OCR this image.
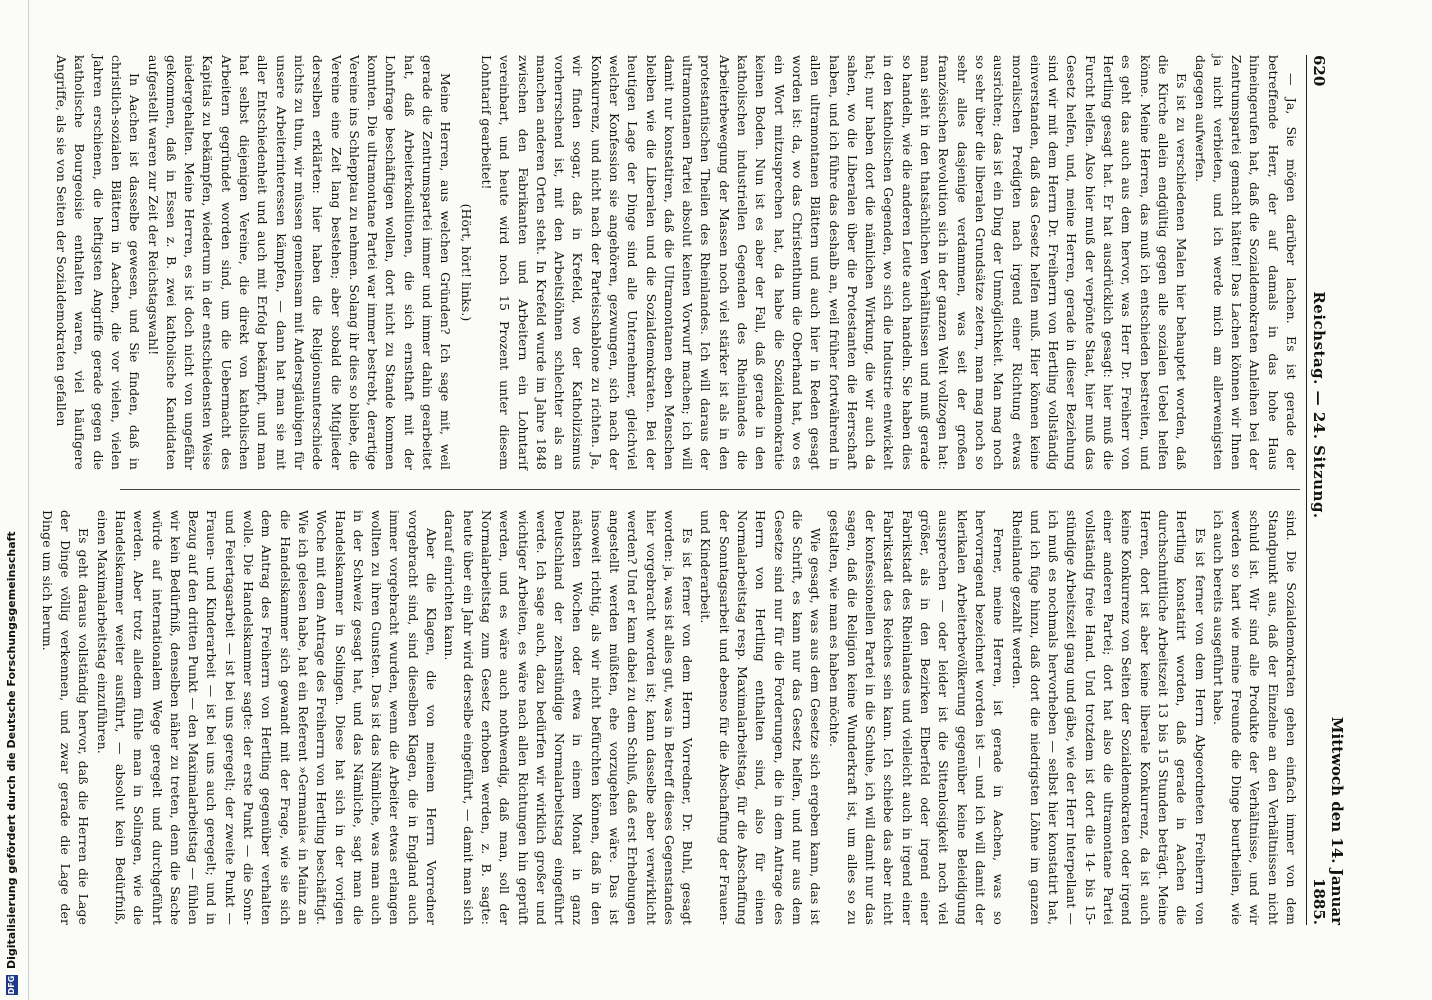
DFG
Digitalisierung gefördert durch die Deutsche Forschungsgemeinschaft
620
Reichstag. — 24. Sitzung.
Mittwoch den 14. Januar 1885.

— Ja, Sie mögen darüber lachen. Es ist gerade der betreffende Herr, der auf damals in das hohe Haus hineingerufen hat, daß die Sozialdemokraten Anleihen bei der Zentrumspartei gemacht hätten! Das Lachen können wir Ihnen ja nicht verbieten, und ich werde mich am allerwenigsten dagegen aufwerfen.

Es ist zu verschiedenen Malen hier behauptet worden, daß die Kirche allein endgültig gegen alle sozialen Uebel helfen könne. Meine Herren, das muß ich entschieden bestreiten, und es geht das auch aus dem hervor, was Herr Dr. Freiherr von Hertling gesagt hat. Er hat ausdrücklich gesagt: hier muß die Furcht helfen. Also hier muß der verpönte Staat, hier muß das Gesetz helfen, und, meine Herren, gerade in dieser Beziehung sind wir mit dem Herrn Dr. Freiherrn von Hertling vollständig einverstanden, daß das Gesetz helfen muß. Hier können keine moralischen Predigten nach irgend einer Richtung etwas ausrichten; das ist ein Ding der Unmöglichkeit. Man mag noch so sehr über die liberalen Grundsätze zetern, man mag noch so sehr alles dasjenige verdammen, was seit der großen französischen Revolution sich in der ganzen Welt vollzogen hat: man sieht in den thatsächlichen Verhältnissen und muß gerade so handeln, wie die anderen Leute auch handeln. Sie haben dies in den katholischen Gegenden, wo sich die Industrie entwickelt hat; nur haben dort die nämlichen Wirkung, die wir auch da sahen, wo die Liberalen über die Protestanten die Herrschaft haben, und ich führe das deshalb an, weil früher fortwährend in allen ultramontanen Blättern und auch hier in Reden gesagt worden ist: da, wo das Christenthum die Oberhand hat, wo es ein Wort mitzusprechen hat, da habe die Sozialdemokratie keinen Boden. Nun ist es aber der Fall, daß gerade in den katholischen industriellen Gegenden des Rheinlandes die Arbeiterbewegung der Massen noch viel stärker ist als in den protestantischen Theilen des Rheinlandes. Ich will daraus der ultramontanen Partei absolut keinen Vorwurf machen; ich will damit nur konstatiren, daß die Ultramontanen eben Menschen bleiben wie die Liberalen und die Sozialdemokraten. Bei der heutigen Lage der Dinge sind alle Unternehmer, gleichviel welcher Konfession sie angehören, gezwungen, sich nach der Konkurrenz, und nicht nach der Parteischablone zu richten. Ja, wir finden sogar, daß in Krefeld, wo der Katholizismus vorherrschend ist, mit den Arbeitslöhnen schlechter als an manchen anderen Orten steht. In Krefeld wurde im Jahre 1848 zwischen den Fabrikanten und Arbeitern ein Lohntarif vereinbart, und heute wird noch 15 Prozent unter diesem Lohntarif gearbeitet!

(Hört, hört! links.)

Meine Herren, aus welchen Gründen? Ich sage mit, weil gerade die Zentrumspartei immer und immer dahin gearbeitet hat, daß Arbeiterkoalitionen, die sich ernsthaft mit der Lohnfrage beschäftigen wollen, dort nicht zu Stande kommen konnten. Die ultramontane Partei war immer bestrebt, derartige Vereine ins Schlepptau zu nehmen. Solang ihr dies so bliebe, die Vereine eine Zeit lang bestehen; aber sobald die Mitglieder derselben erklärten: hier haben die Religionsunterschiede nichts zu thun, wir müssen gemeinsam mit Andersgläubigen für unsere Arbeiterinteressen kämpfen, — dann hat man sie mit aller Entschiedenheit und auch mit Erfolg bekämpft, und man hat selbst diejenigen Vereine, die direkt von katholischen Arbeitern gegründet worden sind, um die Uebermacht des Kapitals zu bekämpfen, wiederum in der entschiedensten Weise niedergehalten. Meine Herren, es ist doch nicht von ungefähr gekommen, daß in Essen z. B. zwei katholische Kandidaten aufgestellt waren zur Zeit der Reichstagswahl!

In Aachen ist dasselbe gewesen, und Sie finden, daß in christlich-sozialen Blättern in Aachen, die vor vielen, vielen Jahren erschienen, die heftigsten Angriffe gerade gegen die katholische Bourgeoisie enthalten waren, viel häufigere Angriffe, als sie von Seiten der Sozialdemokraten gefallen

sind. Die Sozialdemokraten gehen einfach immer von dem Standpunkt aus, daß der Einzelne an den Verhältnissen nicht schuld ist. Wir sind alle Produkte der Verhältnisse, und wir werden so hart wie meine Freunde die Dinge beurtheilen, wie ich auch bereits ausgeführt habe.

Es ist ferner von dem Herrn Abgeordneten Freiherrn von Hertling konstatirt worden, daß gerade in Aachen die durchschnittliche Arbeitszeit 13 bis 15 Stunden beträgt. Meine Herren, dort ist aber keine liberale Konkurrenz, da ist auch keine Konkurrenz von Seiten der Sozialdemokraten oder irgend einer anderen Partei; dort hat also die ultramontane Partei vollständig freie Hand. Und trotzdem ist dort die 14- bis 15-stündige Arbeitszeit gang und gäbe, wie der Herr Interpellant — ich muß es nochmals hervorheben — selbst hier konstatirt hat, und ich füge hinzu, daß dort die niedrigsten Löhne im ganzen Rheinlande gezahlt werden.

Ferner, meine Herren, ist gerade in Aachen, was so hervorragend bezeichnet worden ist — und ich will damit der klerikalen Arbeiterbevölkerung gegenüber keine Beleidigung aussprechen — oder leider ist die Sittenlosigkeit noch viel größer, als in den Bezirken Elberfeld oder irgend einer Fabrikstadt des Rheinlandes und vielleicht auch in irgend einer Fabrikstadt des Reiches sein kann. Ich schiebe das aber nicht der konfessionellen Partei in die Schuhe, ich will damit nur das sagen, daß die Religion keine Wunderkraft ist, um alles so zu gestalten, wie man es haben möchte.

Wie gesagt, was aus dem Gesetze sich ergeben kann, das ist die Schrift, es kann nur das Gesetz helfen, und nur aus dem Gesetze sind nur für die Forderungen, die in dem Antrage des Herrn von Hertling enthalten sind, also für einen Normalarbeitstag resp. Maximalarbeitstag, für die Abschaffung der Sonntagsarbeit und ebenso für die Abschaffung der Frauen- und Kinderarbeit.

Es ist ferner von dem Herrn Vorredner, Dr. Buhl, gesagt worden: ja, was ist alles gut, was in Betreff dieses Gegenstandes hier vorgebracht worden ist; kann dasselbe aber verwirklicht werden? Und er kam dabei zu dem Schluß, daß erst Erhebungen angestellt werden müßten, ehe vorzugehen wäre. Das ist insoweit richtig, als wir nicht befürchten können, daß in den nächsten Wochen oder etwa in einem Monat in ganz Deutschland der zehnstündige Normalarbeitstag eingeführt werde. Ich sage auch, dazu bedürfen wir wirklich großer und wichtiger Arbeiten, es wäre nach allen Richtungen hin geprüft werden, und es wäre auch nothwendig, daß man, soll der Normalarbeitstag zum Gesetz erhoben werden, z. B. sagte: heute über ein Jahr wird derselbe eingeführt, — damit man sich darauf einrichten kann.

Aber die Klagen, die von meinem Herrn Vorredner vorgebracht sind, sind dieselben Klagen, die in England auch immer vorgebracht wurden, wenn die Arbeiter etwas erlangen wollten zu ihren Gunsten. Das ist das Nämliche, was man auch in der Schweiz gesagt hat, und das Nämliche, sagt man die Handelskammer in Solingen. Diese hat sich in der vorigen Woche mit dem Antrage des Freiherrn von Hertling beschäftigt. Wie ich gelesen habe, hat ein Referent »Germania« in Mainz an die Handelskammer sich gewandt mit der Frage, wie sie sich dem Antrag des Freiherrn von Hertling gegenüber verhalten wolle. Die Handelskammer sagte: der erste Punkt — die Sonn- und Feiertagsarbeit — ist bei uns geregelt; der zweite Punkt — Frauen- und Kinderarbeit — ist bei uns auch geregelt; und in Bezug auf den dritten Punkt — den Maximalarbeitstag — fühlen wir kein Bedürfniß, denselben näher zu treten, denn die Sache würde auf internationalem Wege geregelt und durchgeführt werden. Aber trotz alledem fühle man in Solingen, wie die Handelskammer weiter ausführt, — absolut kein Bedürfniß, einen Maximalarbeitstag einzuführen.

Es geht daraus vollständig hervor, daß die Herren die Lage der Dinge völlig verkennen, und zwar gerade die Lage der Dinge um sich herum.
